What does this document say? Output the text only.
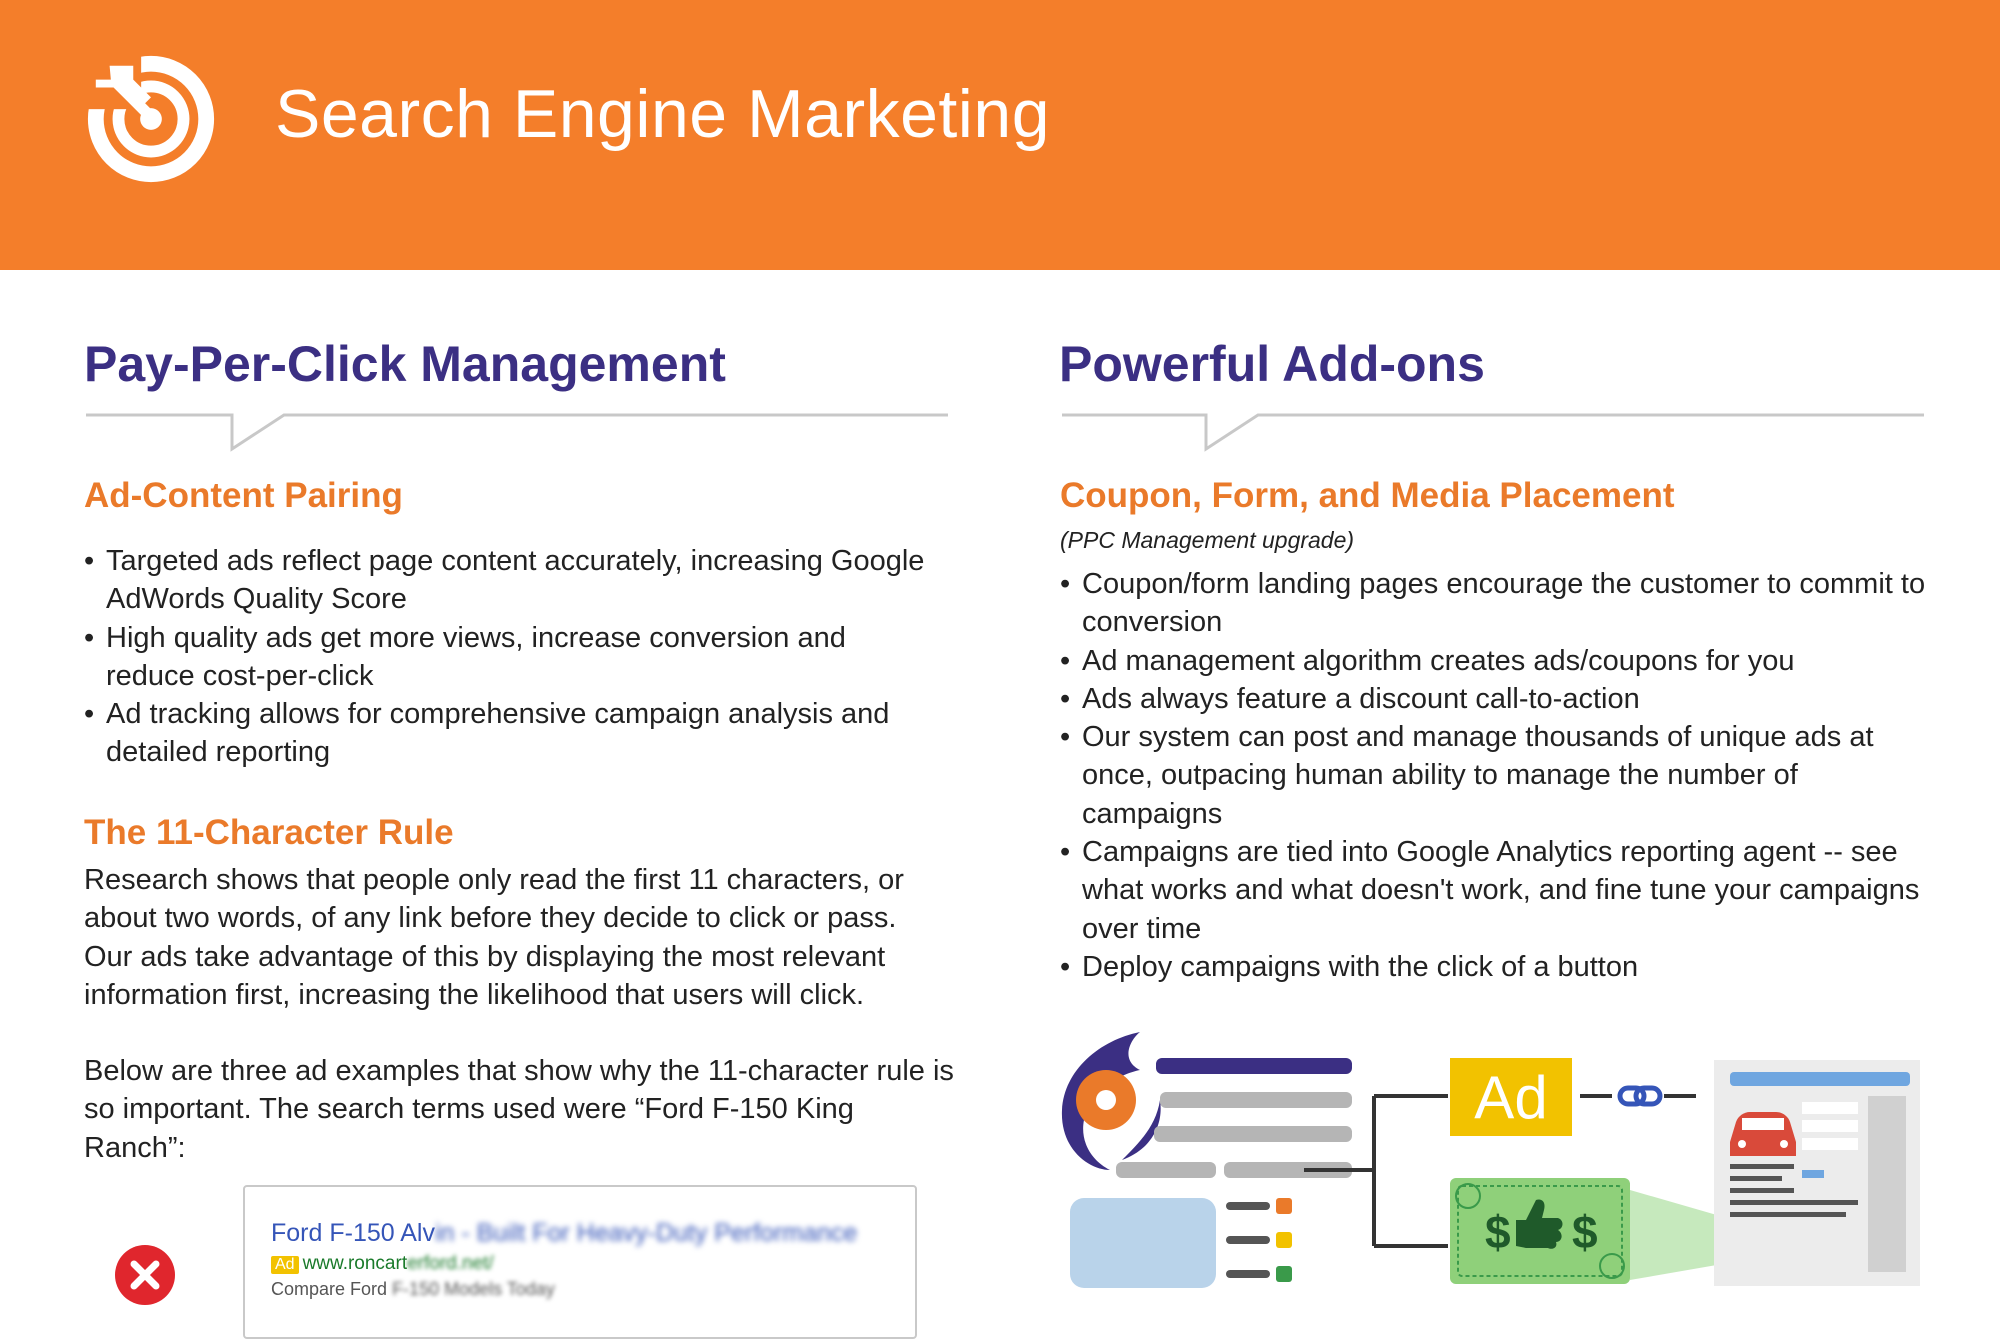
Search Engine Marketing
Pay-Per-Click Management
Ad-Content Pairing
• Targeted ads reflect page content accurately, increasing Google AdWords Quality Score
• High quality ads get more views, increase conversion and reduce cost-per-click
• Ad tracking allows for comprehensive campaign analysis and detailed reporting
The 11-Character Rule

Research shows that people only read the first 11 characters, or about two words, of any link before they decide to click or pass. Our ads take advantage of this by displaying the most relevant information first, increasing the likelihood that users will click.

Below are three ad examples that show why the 11-character rule is so important. The search terms used were “Ford F-150 King Ranch”:

Ford F-150 Alvin - Built For Heavy-Duty Performance
Ad www.roncarterford.net/
Compare Ford F-150 Models Today
Powerful Add-ons
Coupon, Form, and Media Placement
(PPC Management upgrade)
• Coupon/form landing pages encourage the customer to commit to conversion
• Ad management algorithm creates ads/coupons for you
• Ads always feature a discount call-to-action
• Our system can post and manage thousands of unique ads at once, outpacing human ability to manage the number of campaigns
• Campaigns are tied into Google Analytics reporting agent -- see what works and what doesn't work, and fine tune your campaigns over time
• Deploy campaigns with the click of a button
Ad
$ $
